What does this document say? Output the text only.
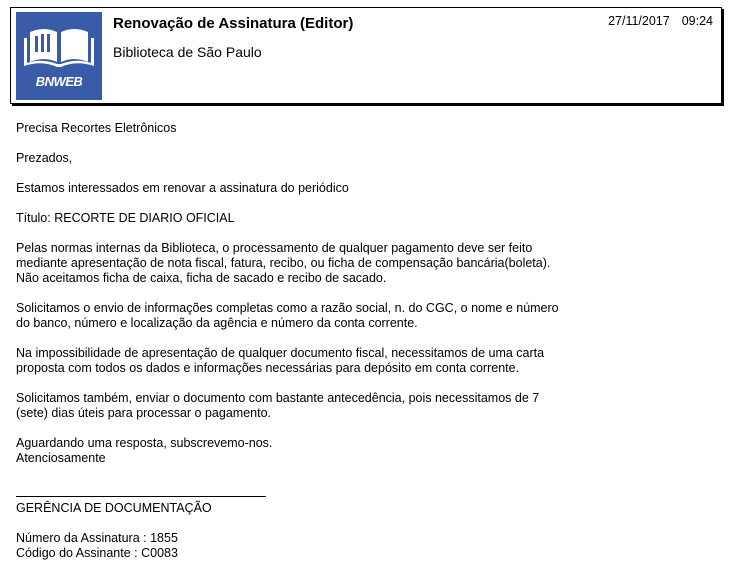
BNWEB
Renovação de Assinatura (Editor)
Biblioteca de São Paulo
27/11/2017 09:24

Precisa Recortes Eletrônicos

Prezados,

Estamos interessados em renovar a assinatura do periódico

Título: RECORTE DE DIARIO OFICIAL

Pelas normas internas da Biblioteca, o processamento de qualquer pagamento deve ser feito
mediante apresentação de nota fiscal, fatura, recibo, ou ficha de compensação bancária(boleta).
Não aceitamos ficha de caixa, ficha de sacado e recibo de sacado.

Solicitamos o envio de informações completas como a razão social, n. do CGC, o nome e número
do banco, número e localização da agência e número da conta corrente.

Na impossibilidade de apresentação de qualquer documento fiscal, necessitamos de uma carta
proposta com todos os dados e informações necessárias para depósito em conta corrente.

Solicitamos também, enviar o documento com bastante antecedência, pois necessitamos de 7
(sete) dias úteis para processar o pagamento.

Aguardando uma resposta, subscrevemo-nos.
Atenciosamente

GERÊNCIA DE DOCUMENTAÇÃO

Número da Assinatura : 1855
Código do Assinante : C0083
